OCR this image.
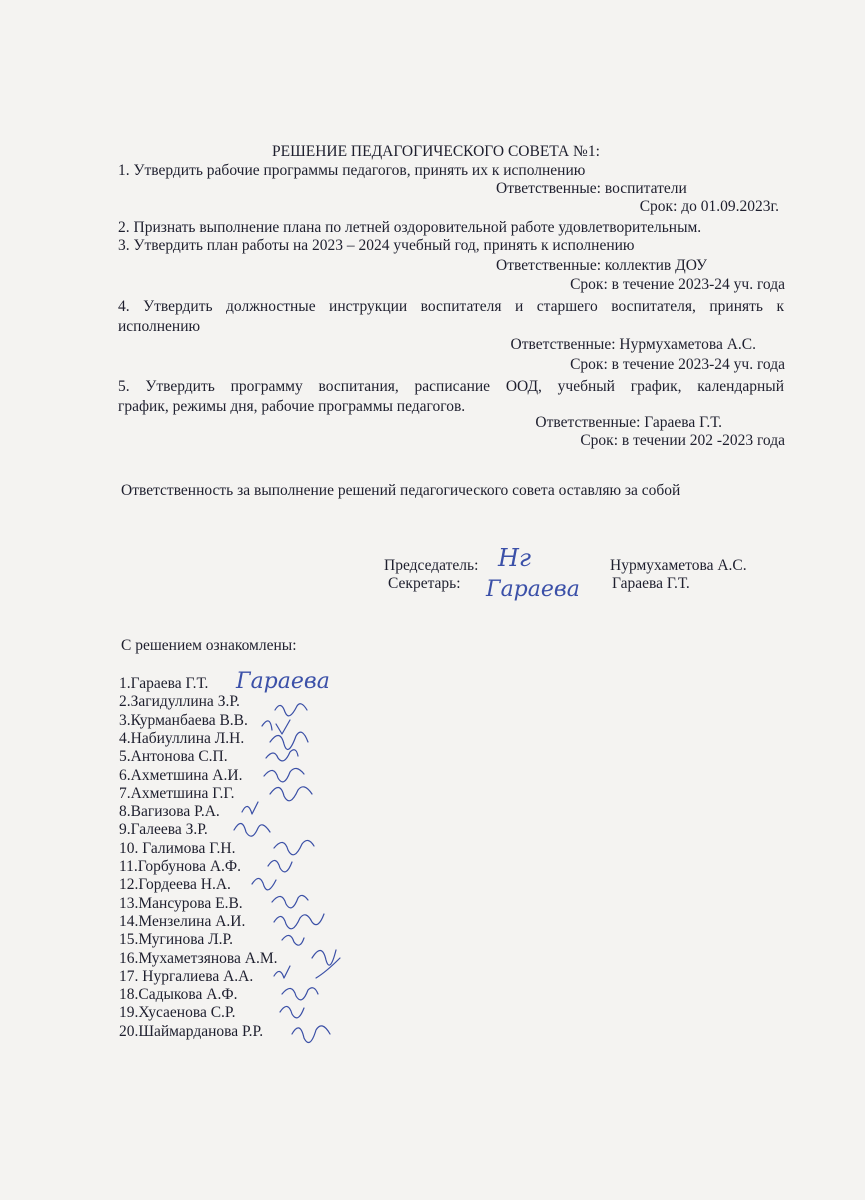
РЕШЕНИЕ ПЕДАГОГИЧЕСКОГО СОВЕТА №1:
1. Утвердить рабочие программы педагогов, принять их к исполнению
Ответственные: воспитатели
Срок: до 01.09.2023г.
2. Признать выполнение плана по летней оздоровительной работе удовлетворительным.
3. Утвердить план работы на 2023 – 2024 учебный год, принять к исполнению
Ответственные: коллектив ДОУ
Срок: в течение 2023-24 уч. года
4. Утвердить должностные инструкции воспитателя и старшего воспитателя, принять к
исполнению
Ответственные: Нурмухаметова А.С.
Срок: в течение 2023-24 уч. года
5. Утвердить программу воспитания, расписание ООД, учебный график, календарный
график, режимы дня, рабочие программы педагогов.
Ответственные: Гараева Г.Т.
Срок: в течении 202 -2023 года
Ответственность за выполнение решений педагогического совета оставляю за собой
Председатель:	Нурмухаметова А.С.
Секретарь:	Гараева Г.Т.
Нг
Гараева
С решением ознакомлены:
1.Гараева Г.Т.
2.Загидуллина З.Р.
3.Курманбаева В.В.
4.Набиуллина Л.Н.
5.Антонова С.П.
6.Ахметшина А.И.
7.Ахметшина Г.Г.
8.Вагизова Р.А.
9.Галеева З.Р.
10. Галимова Г.Н.
11.Горбунова А.Ф.
12.Гордеева Н.А.
13.Мансурова Е.В.
14.Мензелина А.И.
15.Мугинова Л.Р.
16.Мухаметзянова А.М.
17. Нургалиева А.А.
18.Садыкова А.Ф.
19.Хусаенова С.Р.
20.Шаймарданова Р.Р.
Гараева
